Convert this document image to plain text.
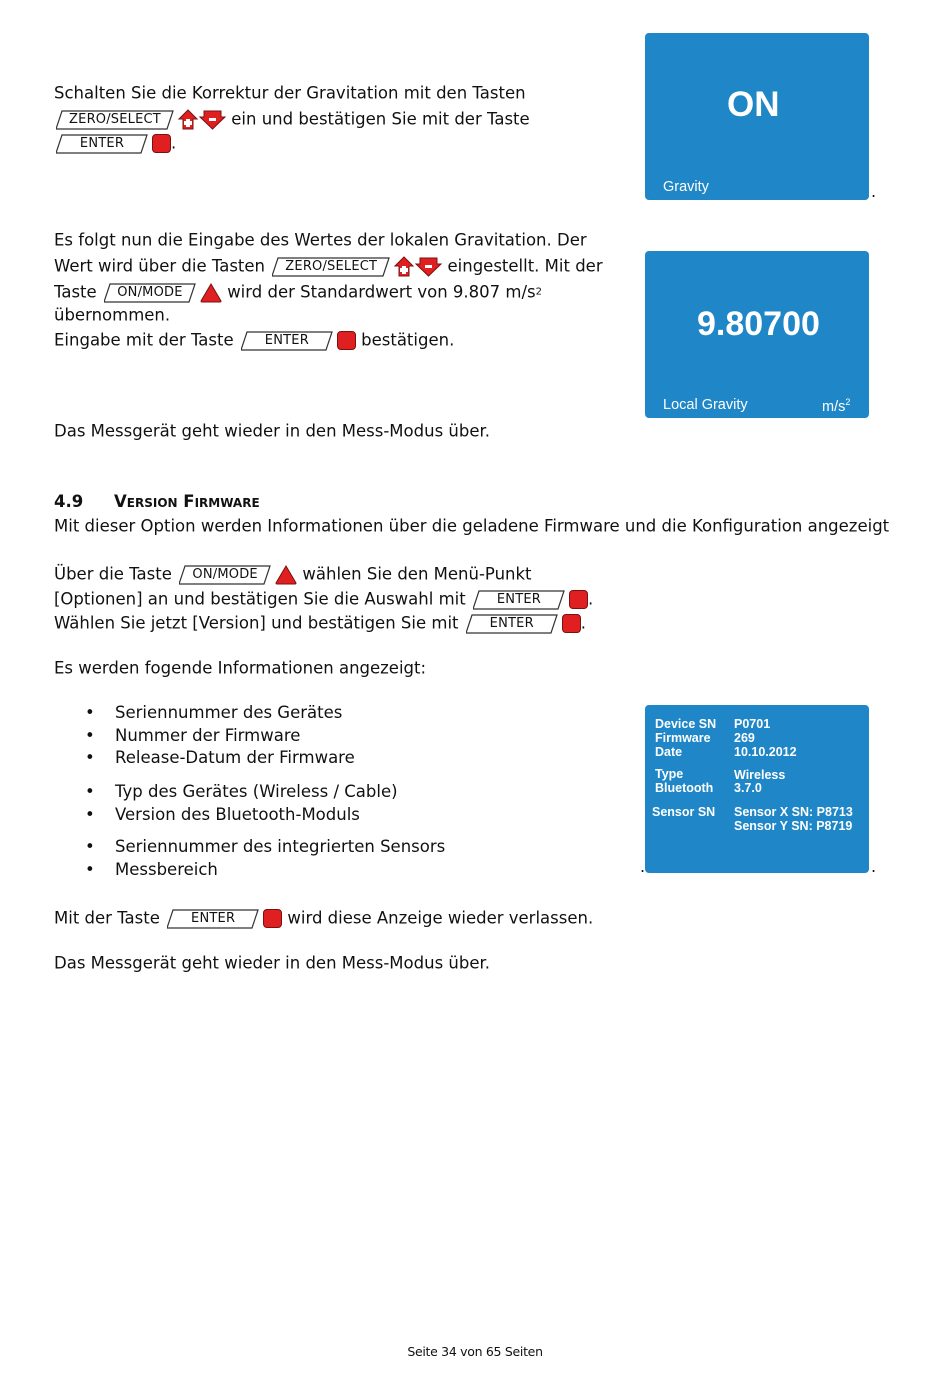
Schalten Sie die Korrektur der Gravitation mit den Tasten
ZERO/SELECT	ein und bestätigen Sie mit der Taste
ENTER	.
ON
Gravity	.
Es folgt nun die Eingabe des Wertes der lokalen Gravitation. Der
Wert wird über die Tasten	ZERO/SELECT	eingestellt. Mit der
Taste	ON/MODE	wird der Standardwert von 9.807 m/s2
übernommen.
Eingabe mit der Taste	ENTER	bestätigen.
Das Messgerät geht wieder in den Mess-Modus über.
9.80700
Local Gravity	$m/s^2$
4.9 Version Firmware
Mit dieser Option werden Informationen über die geladene Firmware und die Konfiguration angezeigt
Über die Taste	ON/MODE	wählen Sie den Menü-Punkt
[Optionen] an und bestätigen Sie die Auswahl mit	ENTER	.
Wählen Sie jetzt [Version] und bestätigen Sie mit	ENTER	.
Es werden fogende Informationen angezeigt:
• Seriennummer des Gerätes
• Nummer der Firmware
• Release-Datum der Firmware
• Typ des Gerätes (Wireless / Cable)
• Version des Bluetooth-Moduls
• Seriennummer des integrierten Sensors
• Messbereich
Device SN P0701
Firmware 269
Date	10.10.2012
Type	Wireless
Bluetooth 3.7.0
Sensor SN Sensor X SN: P8713
Sensor Y SN: P8719
.	.
Mit der Taste	ENTER	wird diese Anzeige wieder verlassen.
Das Messgerät geht wieder in den Mess-Modus über.
Seite 34 von 65 Seiten
